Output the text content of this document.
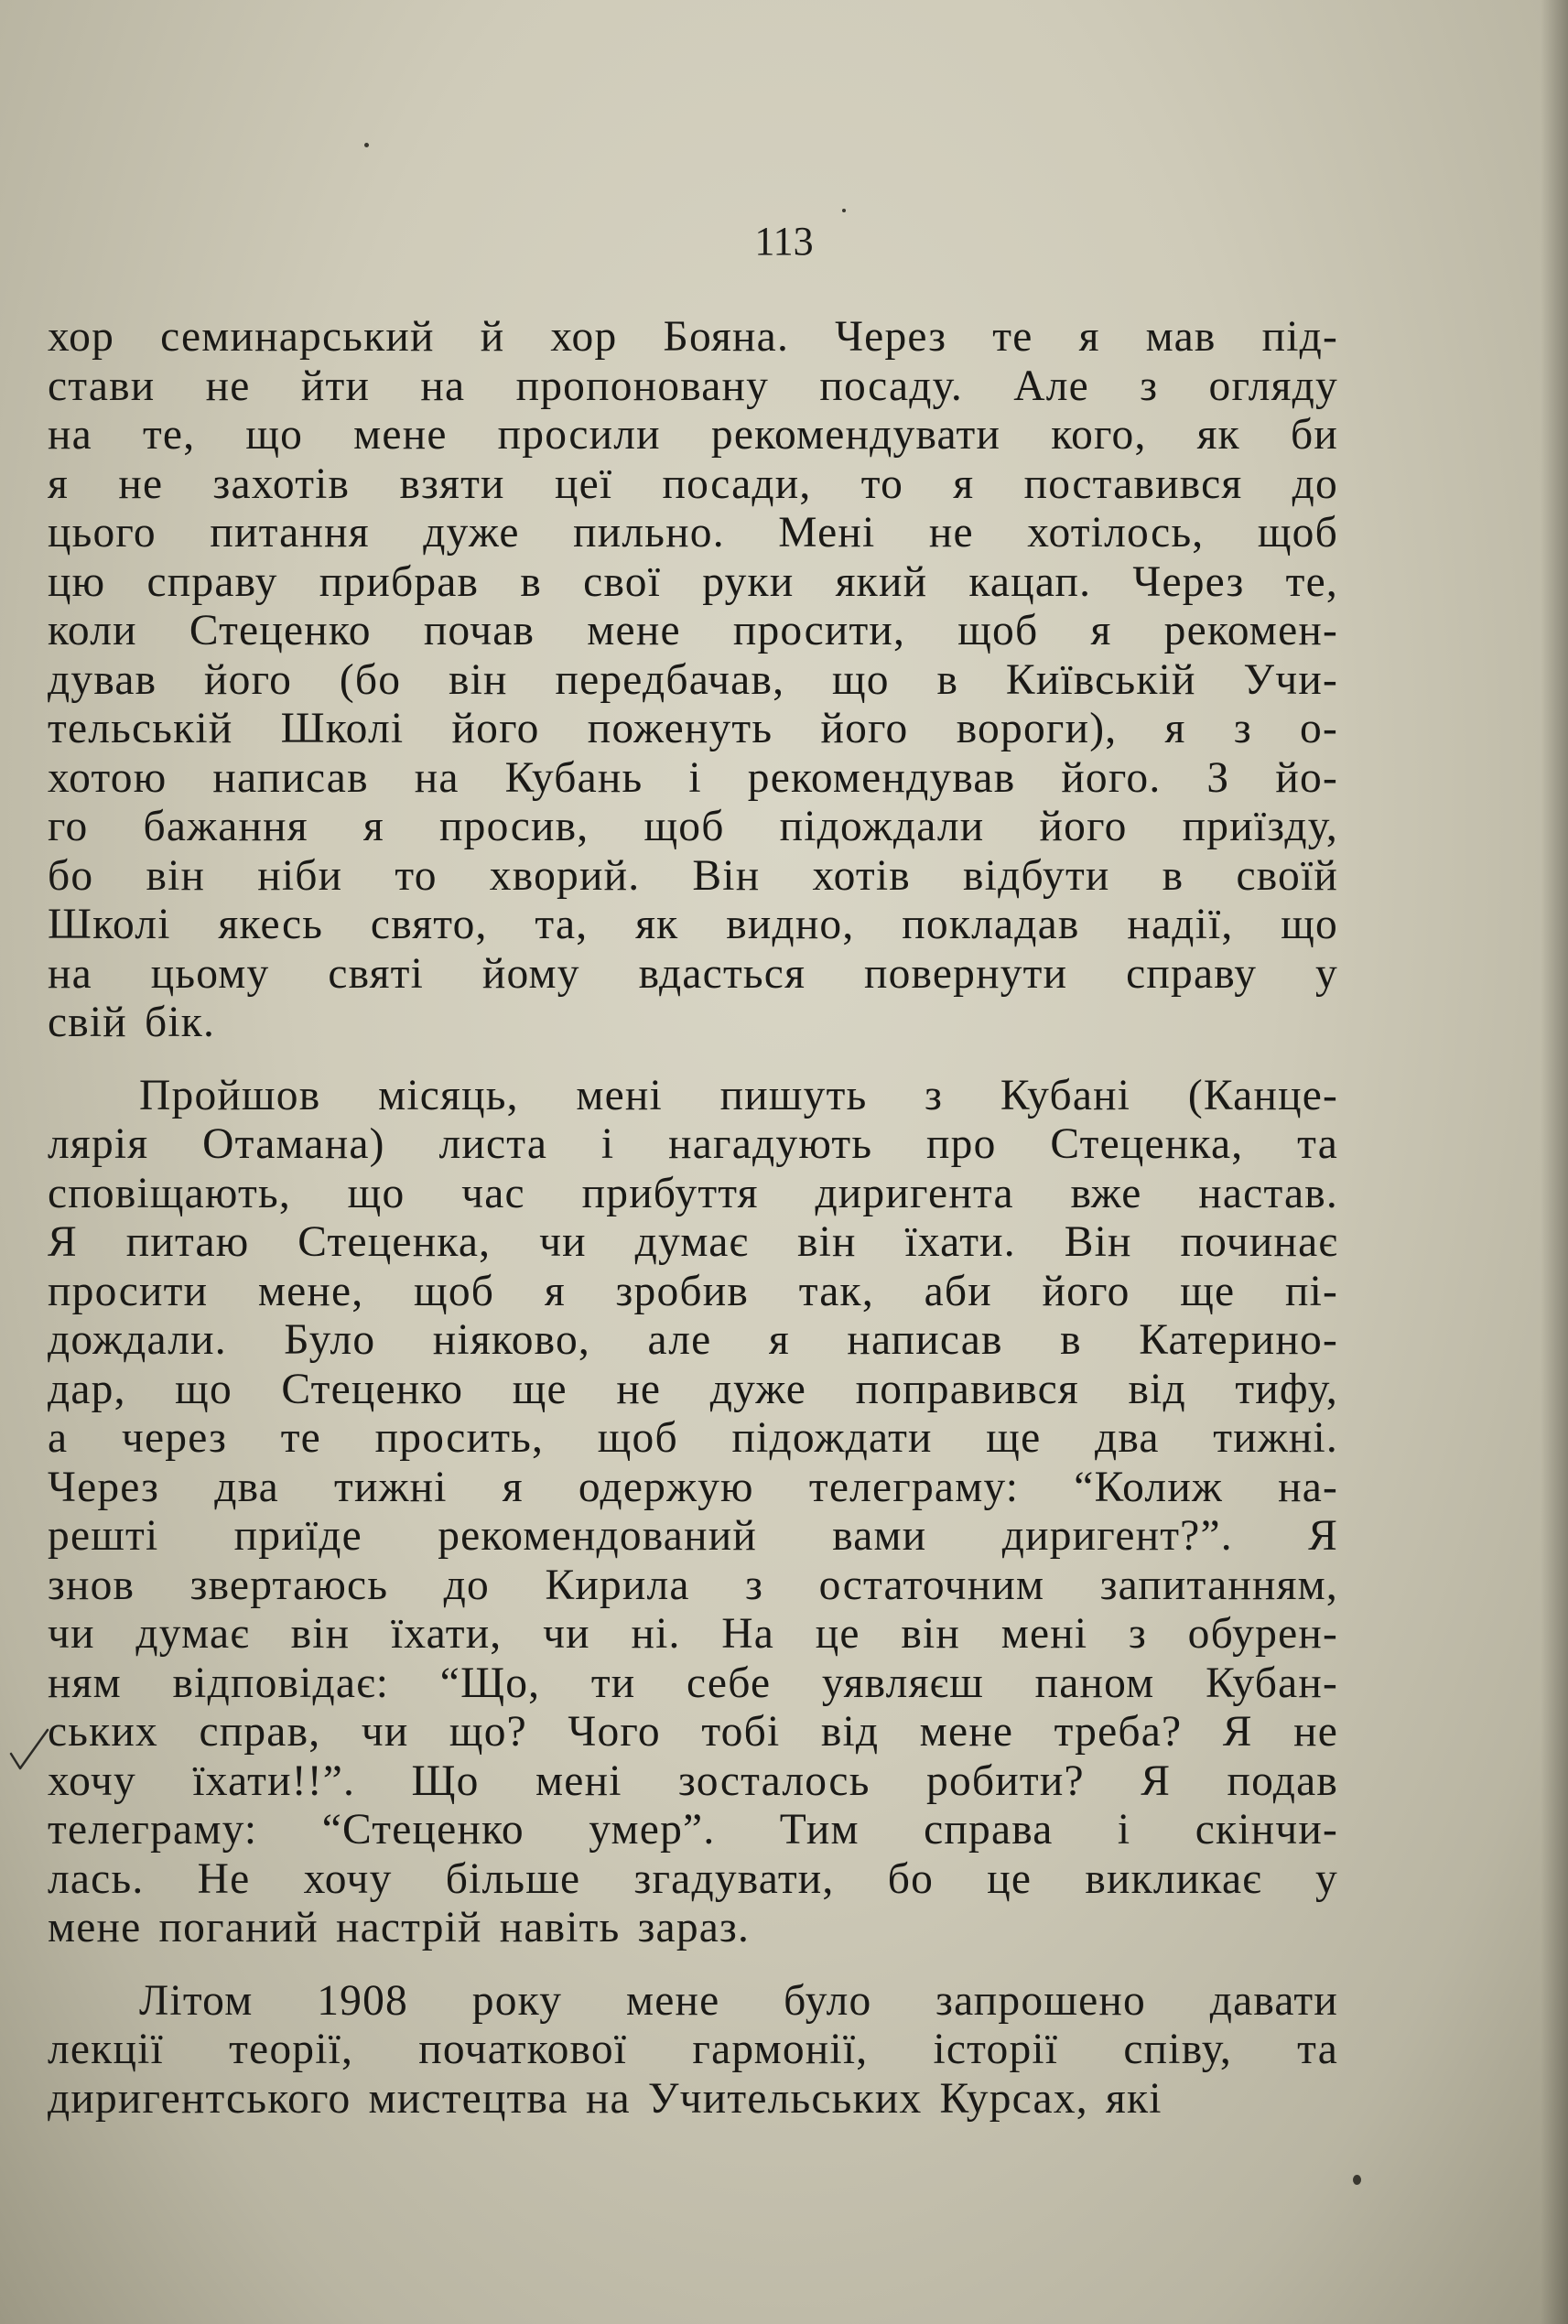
113
хор семинарський й хор Бояна. Через те я мав під-
стави не йти на пропоновану посаду. Але з огляду
на те, що мене просили рекомендувати кого, як би
я не захотів взяти цеї посади, то я поставився до
цього питання дуже пильно. Мені не хотілось, щоб
цю справу прибрав в свої руки який кацап. Через те,
коли Стеценко почав мене просити, щоб я рекомен-
дував його (бо він передбачав, що в Київській Учи-
тельській Школі його поженуть його вороги), я з о-
хотою написав на Кубань і рекомендував його. З йо-
го бажання я просив, щоб підождали його приїзду,
бо він ніби то хворий. Він хотів відбути в своїй
Школі якесь свято, та, як видно, покладав надії, що
на цьому святі йому вдасться повернути справу у
свій бік.
Пройшов місяць, мені пишуть з Кубані (Канце-
лярія Отамана) листа і нагадують про Стеценка, та
сповіщають, що час прибуття диригента вже настав.
Я питаю Стеценка, чи думає він їхати. Він починає
просити мене, щоб я зробив так, аби його ще пі-
дождали. Було ніяково, але я написав в Катерино-
дар, що Стеценко ще не дуже поправився від тифу,
а через те просить, щоб підождати ще два тижні.
Через два тижні я одержую телеграму: “Колиж на-
решті приїде рекомендований вами диригент?”. Я
знов звертаюсь до Кирила з остаточним запитанням,
чи думає він їхати, чи ні. На це він мені з обурен-
ням відповідає: “Що, ти себе уявляєш паном Кубан-
ських справ, чи що? Чого тобі від мене треба? Я не
хочу їхати!!”. Що мені зосталось робити? Я подав
телеграму: “Стеценко умер”. Тим справа і скінчи-
лась. Не хочу більше згадувати, бо це викликає у
мене поганий настрій навіть зараз.
Літом 1908 року мене було запрошено давати
лекції теорії, початкової гармонії, історії співу, та
диригентського мистецтва на Учительських Курсах, які
